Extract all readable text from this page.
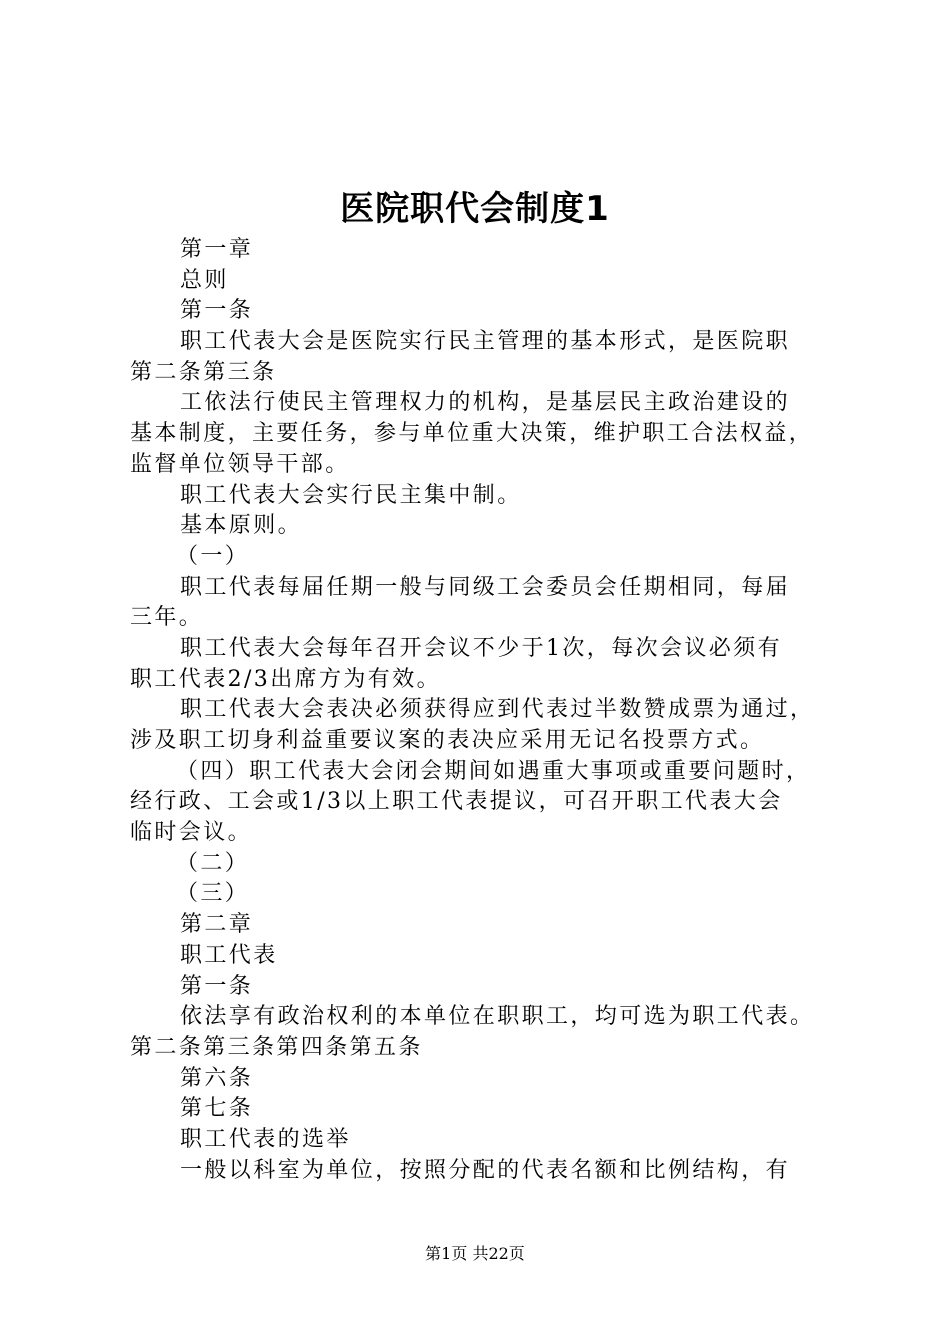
医院职代会制度1
第一章
总则
第一条
职工代表大会是医院实行民主管理的基本形式，是医院职
第二条第三条
工依法行使民主管理权力的机构，是基层民主政治建设的
基本制度，主要任务，参与单位重大决策，维护职工合法权益，
监督单位领导干部。
职工代表大会实行民主集中制。
基本原则。
（一）
职工代表每届任期一般与同级工会委员会任期相同，每届
三年。
职工代表大会每年召开会议不少于1次，每次会议必须有
职工代表2/3出席方为有效。
职工代表大会表决必须获得应到代表过半数赞成票为通过，
涉及职工切身利益重要议案的表决应采用无记名投票方式。
（四）职工代表大会闭会期间如遇重大事项或重要问题时，
经行政、工会或1/3以上职工代表提议，可召开职工代表大会
临时会议。
（二）
（三）
第二章
职工代表
第一条
依法享有政治权利的本单位在职职工，均可选为职工代表。
第二条第三条第四条第五条
第六条
第七条
职工代表的选举
一般以科室为单位，按照分配的代表名额和比例结构，有
第1页 共22页
